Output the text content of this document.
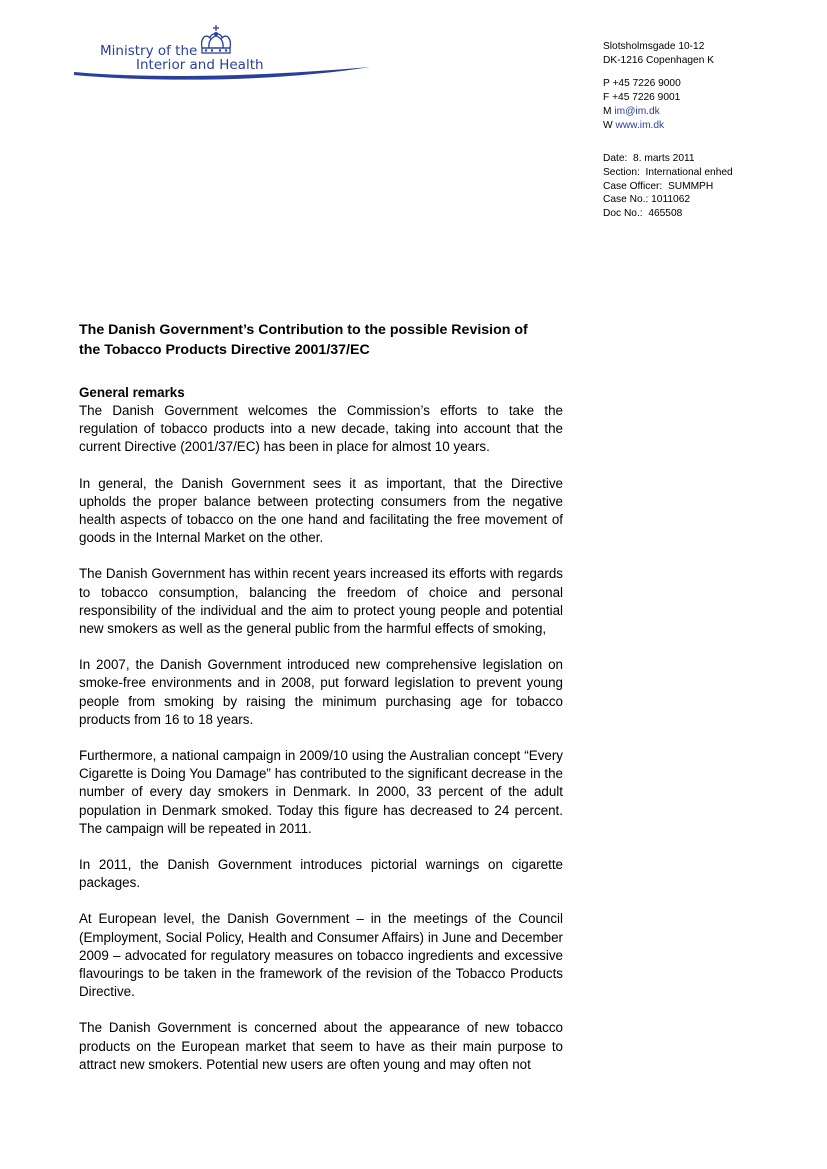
Ministry of the
Interior and Health
Slotsholmsgade 10-12
DK-1216 Copenhagen K
P +45 7226 9000
F +45 7226 9001
M im@im.dk
W www.im.dk
Date: 8. marts 2011
Section: International enhed
Case Officer: SUMMPH
Case No.: 1011062
Doc No.: 465508
The Danish Government’s Contribution to the possible Revision of
the Tobacco Products Directive 2001/37/EC
General remarks

The Danish Government welcomes the Commission’s efforts to take the regulation of tobacco products into a new decade, taking into account that the current Directive (2001/37/EC) has been in place for almost 10 years.

In general, the Danish Government sees it as important, that the Directive upholds the proper balance between protecting consumers from the negative health aspects of tobacco on the one hand and facilitating the free movement of goods in the Internal Market on the other.

The Danish Government has within recent years increased its efforts with regards to tobacco consumption, balancing the freedom of choice and personal responsibility of the individual and the aim to protect young people and potential new smokers as well as the general public from the harmful effects of smoking,

In 2007, the Danish Government introduced new comprehensive legislation on smoke-free environments and in 2008, put forward legislation to prevent young people from smoking by raising the minimum purchasing age for tobacco products from 16 to 18 years.

Furthermore, a national campaign in 2009/10 using the Australian concept “Every Cigarette is Doing You Damage” has contributed to the significant decrease in the number of every day smokers in Denmark. In 2000, 33 percent of the adult population in Denmark smoked. Today this figure has decreased to 24 percent. The campaign will be repeated in 2011.

In 2011, the Danish Government introduces pictorial warnings on cigarette packages.

At European level, the Danish Government – in the meetings of the Council (Employment, Social Policy, Health and Consumer Affairs) in June and December 2009 – advocated for regulatory measures on tobacco ingredients and excessive flavourings to be taken in the framework of the revision of the Tobacco Products Directive.

The Danish Government is concerned about the appearance of new tobacco products on the European market that seem to have as their main purpose to attract new smokers. Potential new users are often young and may often not
